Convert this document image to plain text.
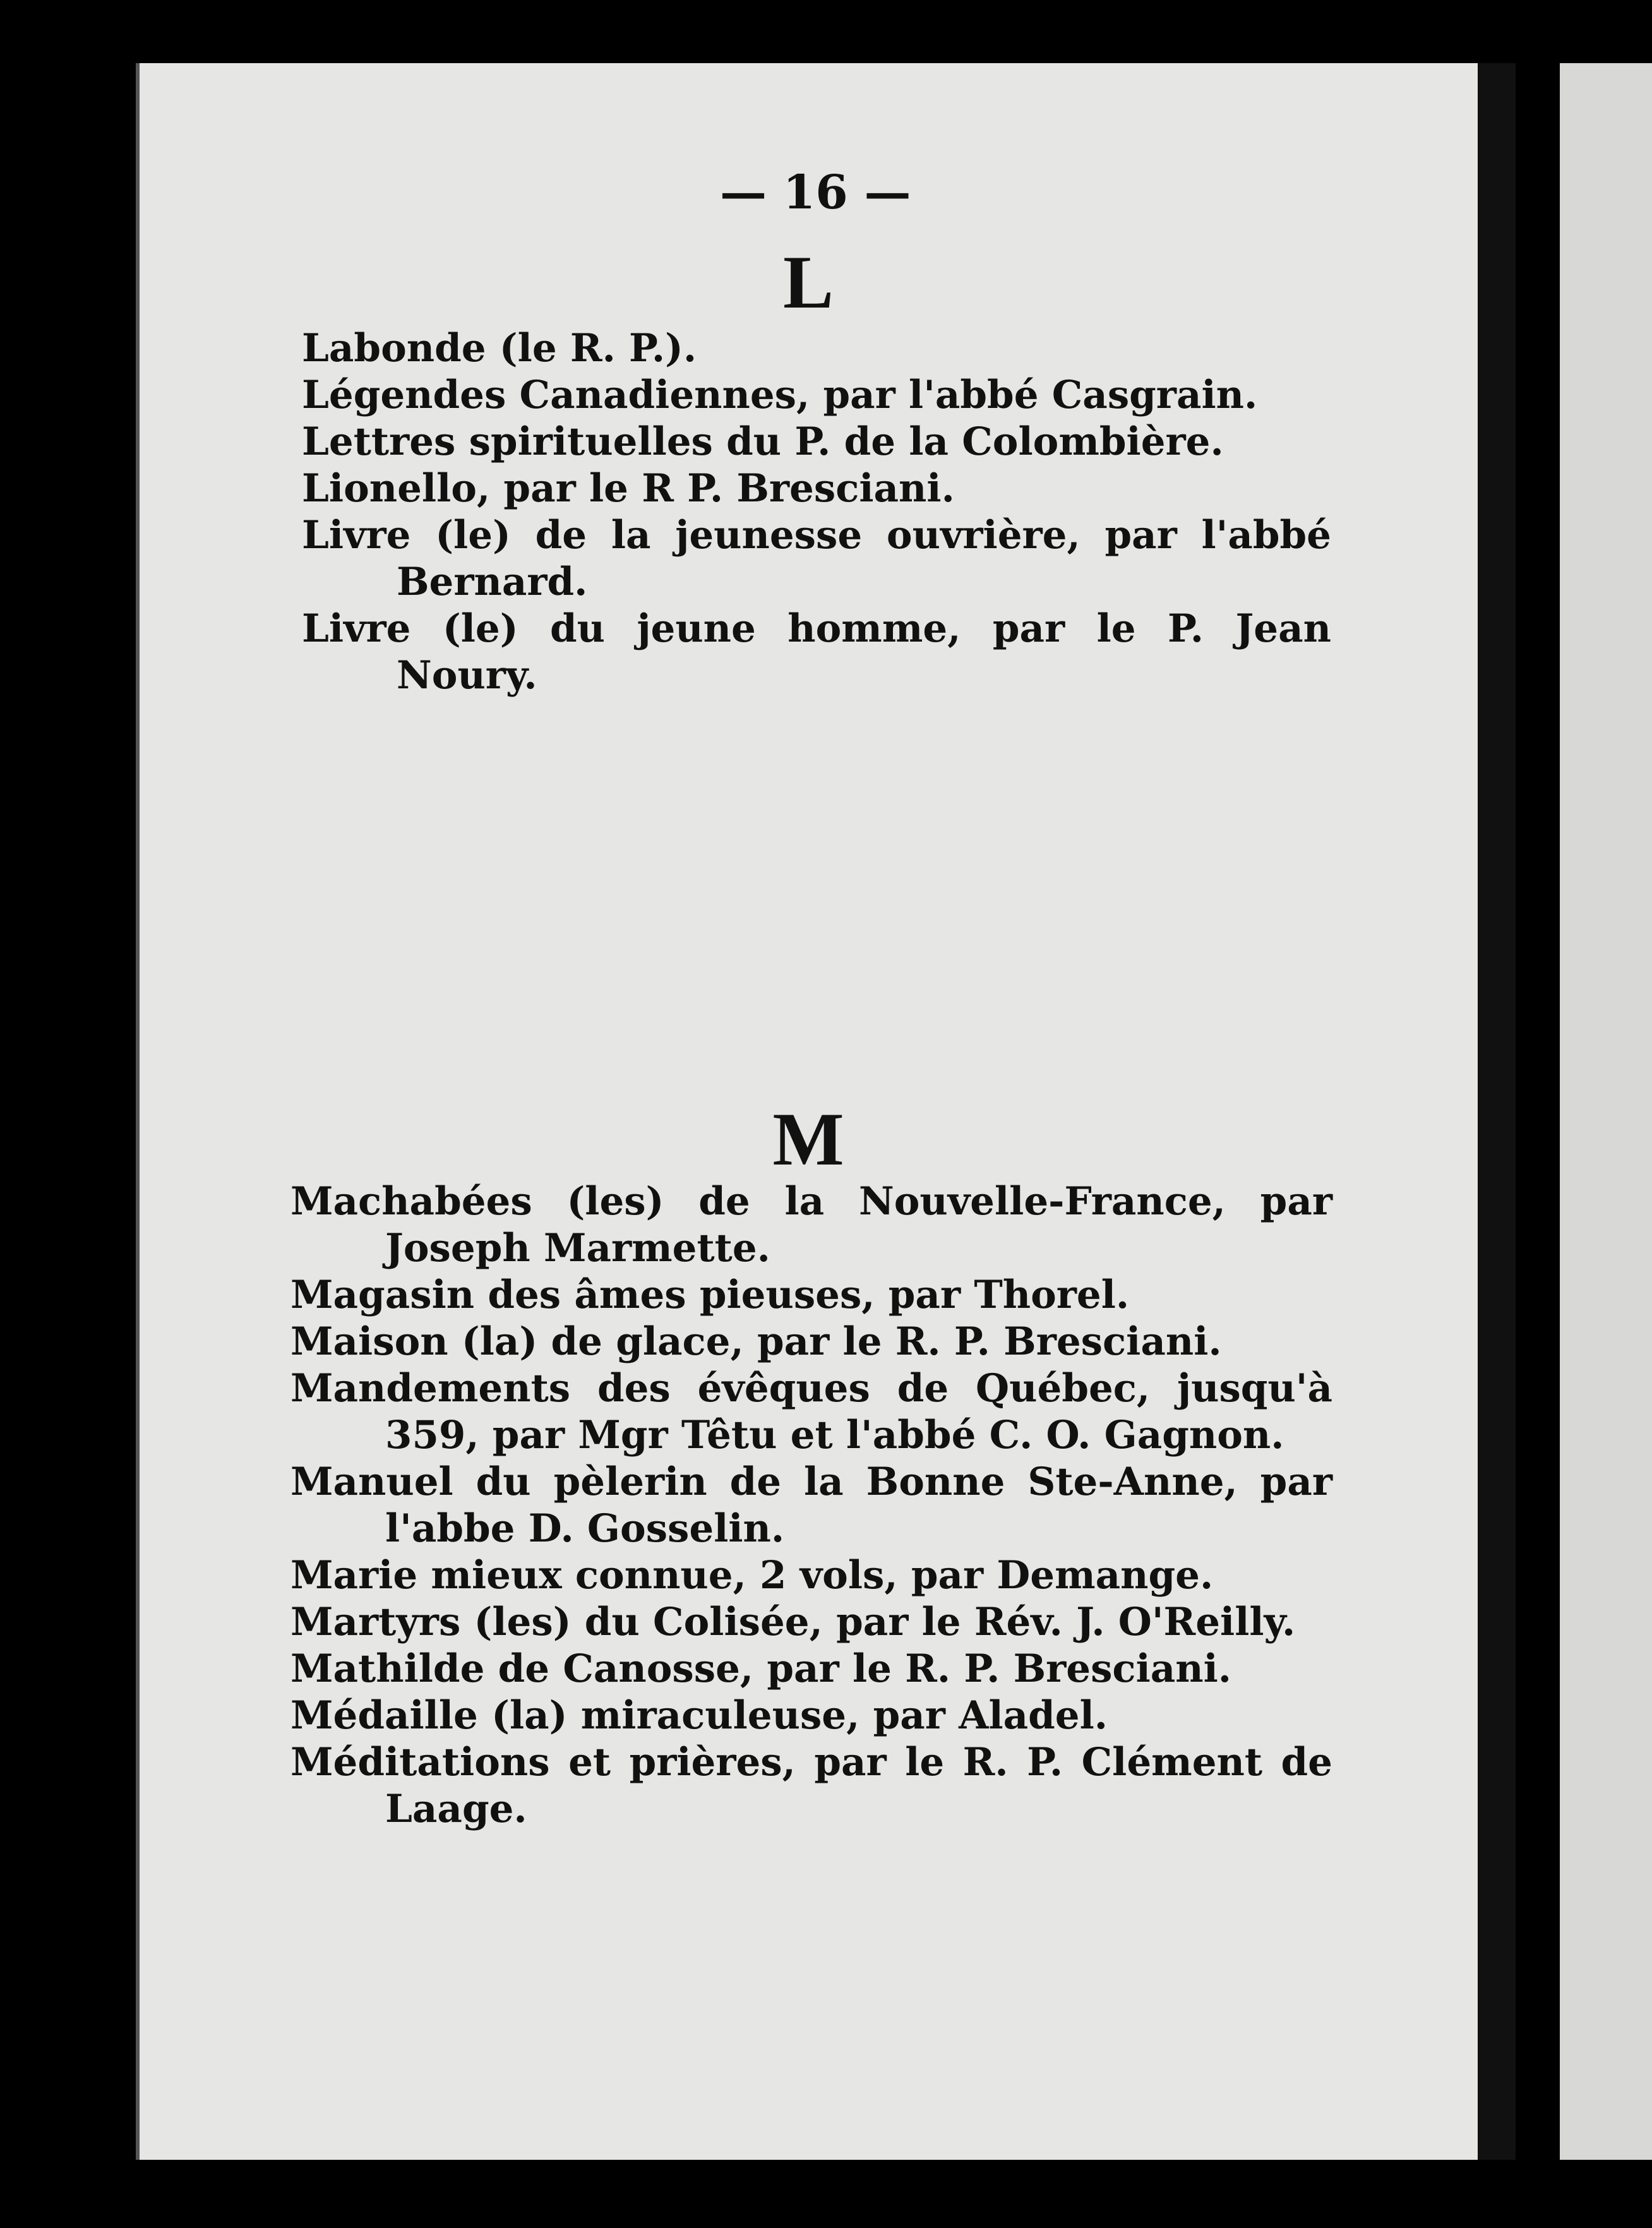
— 16 —
L
Labonde (le R. P.).
Légendes Canadiennes, par l'abbé Casgrain.
Lettres spirituelles du P. de la Colombière.
Lionello, par le R P. Bresciani.
Livre (le) de la jeunesse ouvrière, par l'abbé Bernard.
Livre (le) du jeune homme, par le P. Jean Noury.
M
Machabées (les) de la Nouvelle-France, par Joseph Marmette.
Magasin des âmes pieuses, par Thorel.
Maison (la) de glace, par le R. P. Bresciani.
Mandements des évêques de Québec, jusqu'à 359, par Mgr Têtu et l'abbé C. O. Gagnon.
Manuel du pèlerin de la Bonne Ste-Anne, par l'abbe D. Gosselin.
Marie mieux connue, 2 vols, par Demange.
Martyrs (les) du Colisée, par le Rév. J. O'Reilly.
Mathilde de Canosse, par le R. P. Bresciani.
Médaille (la) miraculeuse, par Aladel.
Méditations et prières, par le R. P. Clément de Laage.
